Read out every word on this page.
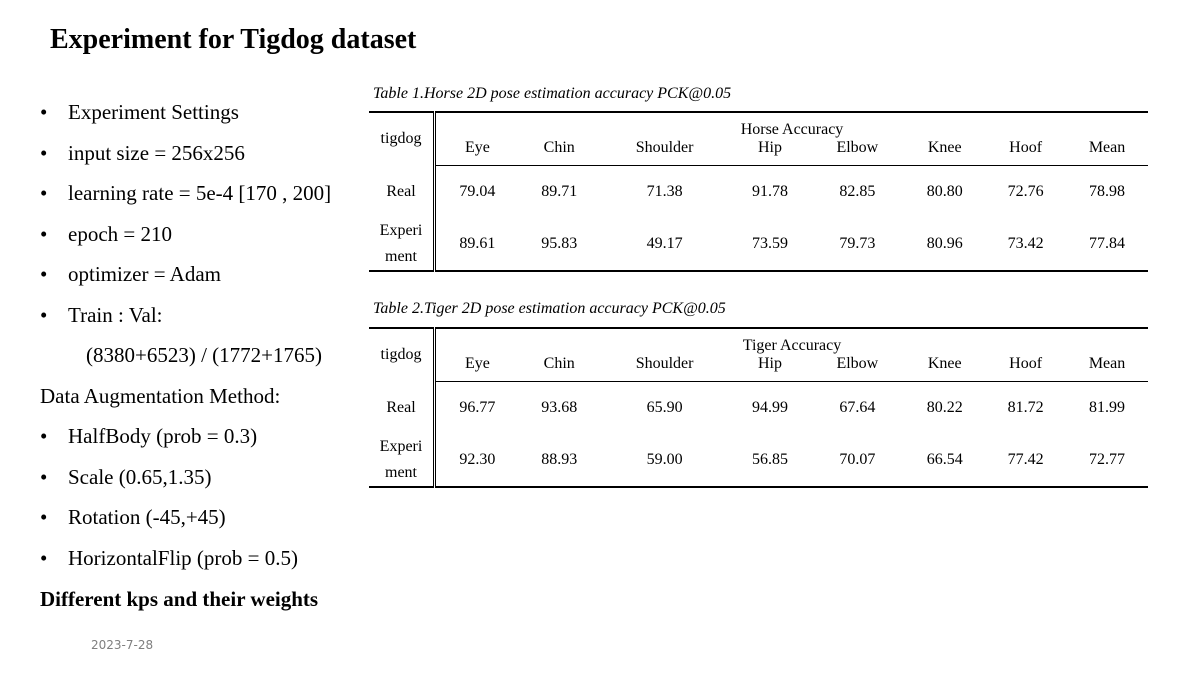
Experiment for Tigdog dataset
• Experiment Settings
• input size = 256x256
• learning rate = 5e-4 [170 , 200]
• epoch = 210
• optimizer = Adam
• Train : Val:
(8380+6523) / (1772+1765)
Data Augmentation Method:
• HalfBody (prob = 0.3)
• Scale (0.65,1.35)
• Rotation (-45,+45)
• HorizontalFlip (prob = 0.5)
Different kps and their weights
2023-7-28
Table 1.Horse 2D pose estimation accuracy PCK@0.05
tigdog	Horse Accuracy							
	Eye	Chin	Shoulder	Hip	Elbow	Knee	Hoof	Mean
Real	79.04	89.71	71.38	91.78	82.85	80.80	72.76	78.98

Experi
ment	89.61	95.83	49.17	73.59	79.73	80.96	73.42	77.84
Table 2.Tiger 2D pose estimation accuracy PCK@0.05
tigdog	Tiger Accuracy							
	Eye	Chin	Shoulder	Hip	Elbow	Knee	Hoof	Mean
Real	96.77	93.68	65.90	94.99	67.64	80.22	81.72	81.99

Experi
ment	92.30	88.93	59.00	56.85	70.07	66.54	77.42	72.77
